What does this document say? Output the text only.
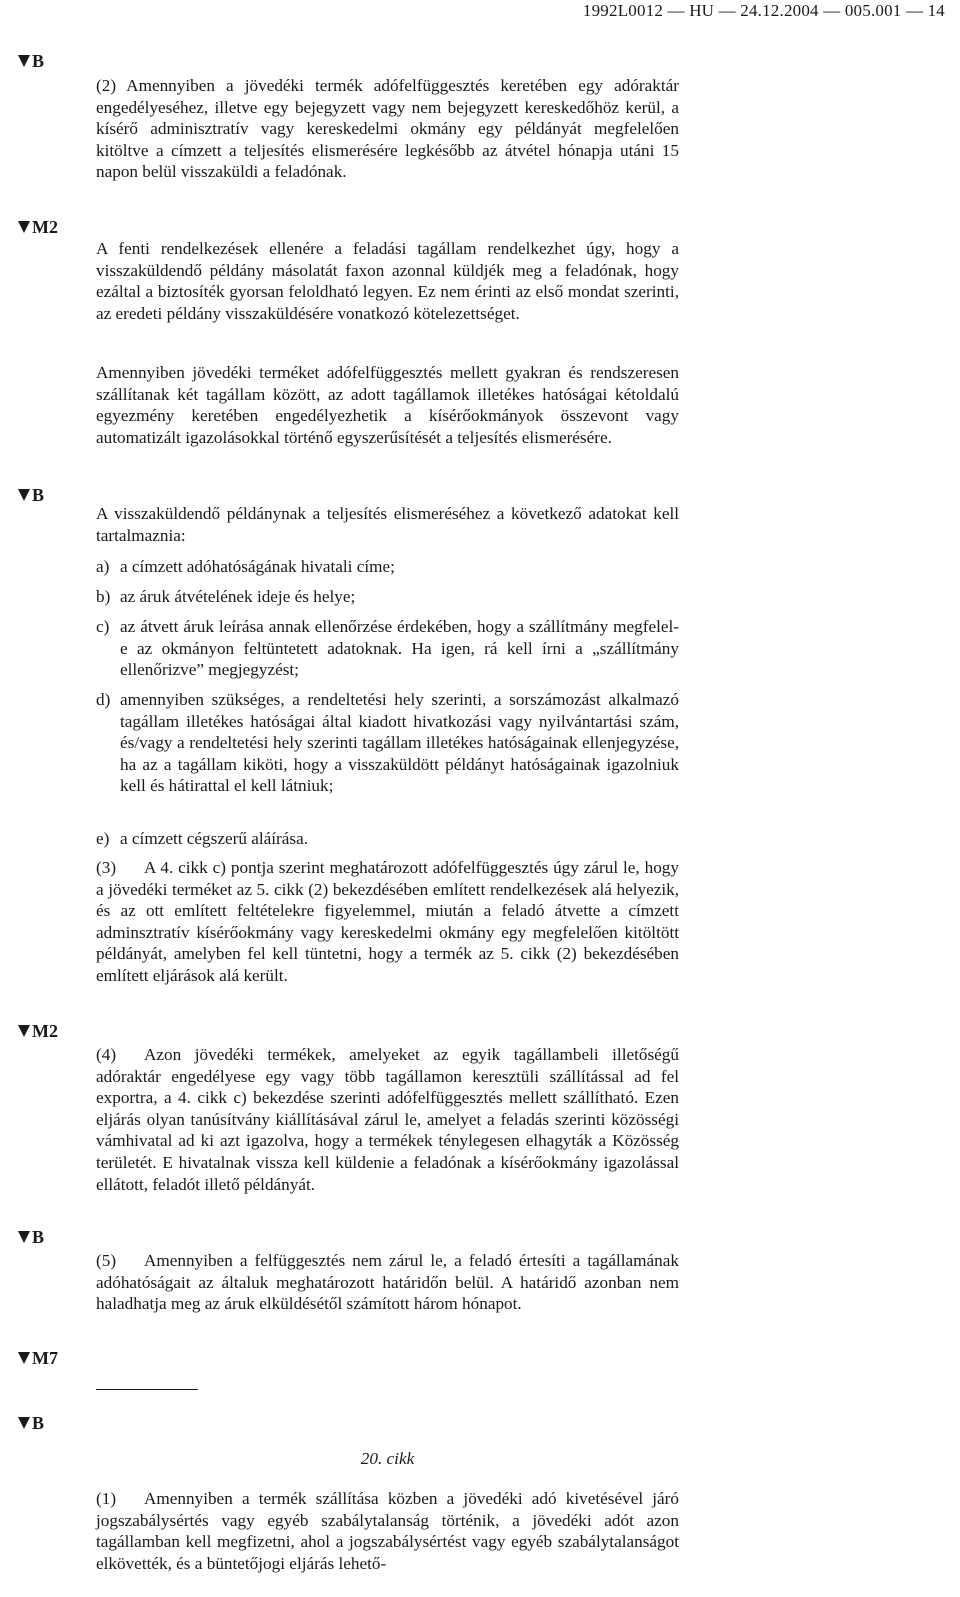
1992L0012 — HU — 24.12.2004 — 005.001 — 14
B
M2
B
M2
B
M7
B

(2) Amennyiben a jövedéki termék adófelfüggesztés keretében egy adóraktár engedélyeséhez, illetve egy bejegyzett vagy nem bejegyzett kereskedőhöz kerül, a kísérő adminisztratív vagy kereskedelmi okmány egy példányát megfelelően kitöltve a címzett a teljesítés elismerésére legkésőbb az átvétel hónapja utáni 15 napon belül visszaküldi a feladónak.

A fenti rendelkezések ellenére a feladási tagállam rendelkezhet úgy, hogy a visszaküldendő példány másolatát faxon azonnal küldjék meg a feladónak, hogy ezáltal a biztosíték gyorsan feloldható legyen. Ez nem érinti az első mondat szerinti, az eredeti példány visszaküldésére vonatkozó kötelezettséget.

Amennyiben jövedéki terméket adófelfüggesztés mellett gyakran és rendszeresen szállítanak két tagállam között, az adott tagállamok illetékes hatóságai kétoldalú egyezmény keretében engedélyezhetik a kísérőokmányok összevont vagy automatizált igazolásokkal történő egyszerűsítését a teljesítés elismerésére.

A visszaküldendő példánynak a teljesítés elismeréséhez a következő adatokat kell tartalmaznia:

a) a címzett adóhatóságának hivatali címe;
b) az áruk átvételének ideje és helye;
c) az átvett áruk leírása annak ellenőrzése érdekében, hogy a szállítmány megfelel-e az okmányon feltüntetett adatoknak. Ha igen, rá kell írni a „szállítmány ellenőrizve” megjegyzést;
d) amennyiben szükséges, a rendeltetési hely szerinti, a sorszámozást alkalmazó tagállam illetékes hatóságai által kiadott hivatkozási vagy nyilvántartási szám, és/vagy a rendeltetési hely szerinti tagállam illetékes hatóságainak ellenjegyzése, ha az a tagállam kiköti, hogy a visszaküldött példányt hatóságainak igazolniuk kell és hátirattal el kell látniuk;
e) a címzett cégszerű aláírása.

(3) A 4. cikk c) pontja szerint meghatározott adófelfüggesztés úgy zárul le, hogy a jövedéki terméket az 5. cikk (2) bekezdésében említett rendelkezések alá helyezik, és az ott említett feltételekre figyelemmel, miután a feladó átvette a címzett adminsztratív kísérőokmány vagy kereskedelmi okmány egy megfelelően kitöltött példányát, amelyben fel kell tüntetni, hogy a termék az 5. cikk (2) bekezdésében említett eljárások alá került.

(4) Azon jövedéki termékek, amelyeket az egyik tagállambeli illetőségű adóraktár engedélyese egy vagy több tagállamon keresztüli szállítással ad fel exportra, a 4. cikk c) bekezdése szerinti adófelfüggesztés mellett szállítható. Ezen eljárás olyan tanúsítvány kiállításával zárul le, amelyet a feladás szerinti közösségi vámhivatal ad ki azt igazolva, hogy a termékek ténylegesen elhagyták a Közösség területét. E hivatalnak vissza kell küldenie a feladónak a kísérőokmány igazolással ellátott, feladót illető példányát.

(5) Amennyiben a felfüggesztés nem zárul le, a feladó értesíti a tagállamának adóhatóságait az általuk meghatározott határidőn belül. A határidő azonban nem haladhatja meg az áruk elküldésétől számított három hónapot.

20. cikk

(1) Amennyiben a termék szállítása közben a jövedéki adó kivetésével járó jogszabálysértés vagy egyéb szabálytalanság történik, a jövedéki adót azon tagállamban kell megfizetni, ahol a jogszabálysértést vagy egyéb szabálytalanságot elkövették, és a büntetőjogi eljárás lehető-
